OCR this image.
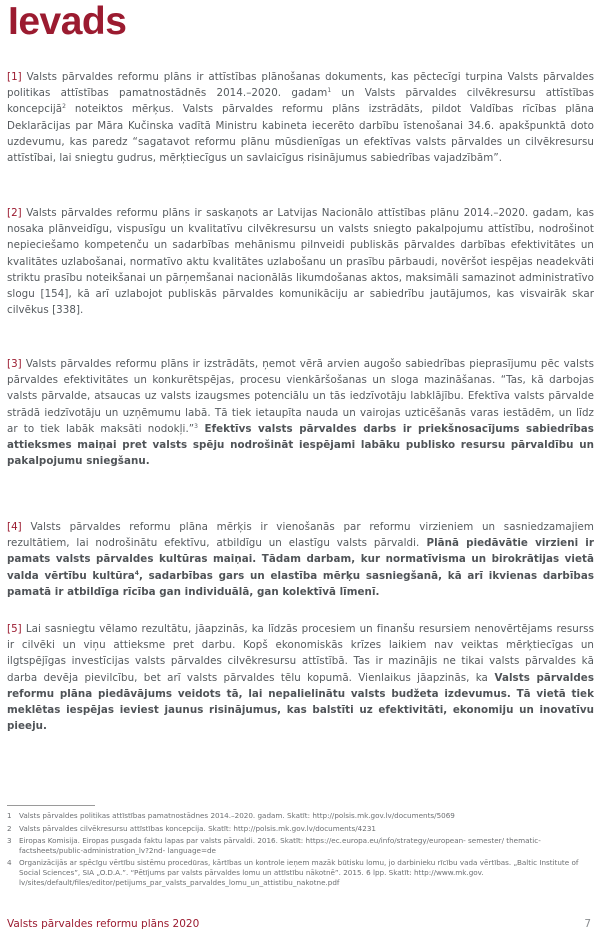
Ievads
[1] Valsts pārvaldes reformu plāns ir attīstības plānošanas dokuments, kas pēctecīgi turpina Valsts pārvaldes politikas attīstības pamatnostādnēs 2014.–2020. gadam$^1$ un Valsts pārvaldes cilvēkresursu attīstības koncepcijā$^2$ noteiktos mērķus. Valsts pārvaldes reformu plāns izstrādāts, pildot Valdības rīcības plāna Deklarācijas par Māra Kučinska vadītā Ministru kabineta iecerēto darbību īstenošanai 34.6. apakšpunktā doto uzdevumu, kas paredz “sagatavot reformu plānu mūsdienīgas un efektīvas valsts pārvaldes un cilvēkresursu attīstībai, lai sniegtu gudrus, mērķtiecīgus un savlaicīgus risinājumus sabiedrības vajadzībām”.
[2] Valsts pārvaldes reformu plāns ir saskaņots ar Latvijas Nacionālo attīstības plānu 2014.–2020. gadam, kas nosaka plānveidīgu, vispusīgu un kvalitatīvu cilvēkresursu un valsts sniegto pakalpojumu attīstību, nodrošinot nepieciešamo kompetenču un sadarbības mehānismu pilnveidi publiskās pārvaldes darbības efektivitātes un kvalitātes uzlabošanai, normatīvo aktu kvalitātes uzlabošanu un prasību pārbaudi, novēršot iespējas neadekvāti striktu prasību noteikšanai un pārņemšanai nacionālās likumdošanas aktos, maksimāli samazinot administratīvo slogu [154], kā arī uzlabojot publiskās pārvaldes komunikāciju ar sabiedrību jautājumos, kas visvairāk skar cilvēkus [338].
[3] Valsts pārvaldes reformu plāns ir izstrādāts, ņemot vērā arvien augošo sabiedrības pieprasījumu pēc valsts pārvaldes efektivitātes un konkurētspējas, procesu vienkāršošanas un sloga mazināšanas. “Tas, kā darbojas valsts pārvalde, atsaucas uz valsts izaugsmes potenciālu un tās iedzīvotāju labklājību. Efektīva valsts pārvalde strādā iedzīvotāju un uzņēmumu labā. Tā tiek ietaupīta nauda un vairojas uzticēšanās varas iestādēm, un līdz ar to tiek labāk maksāti nodokļi.”$^3$ Efektīvs valsts pārvaldes darbs ir priekšnosacījums sabiedrības attieksmes maiņai pret valsts spēju nodrošināt iespējami labāku publisko resursu pārvaldību un pakalpojumu sniegšanu.
[4] Valsts pārvaldes reformu plāna mērķis ir vienošanās par reformu virzieniem un sasniedzamajiem rezultātiem, lai nodrošinātu efektīvu, atbildīgu un elastīgu valsts pārvaldi. Plānā piedāvātie virzieni ir pamats valsts pārvaldes kultūras maiņai. Tādam darbam, kur normatīvisma un birokrātijas vietā valda vērtību kultūra$^4$, sadarbības gars un elastība mērķu sasniegšanā, kā arī ikvienas darbības pamatā ir atbildīga rīcība gan individuālā, gan kolektīvā līmenī.
[5] Lai sasniegtu vēlamo rezultātu, jāapzinās, ka līdzās procesiem un finanšu resursiem nenovērtējams resurss ir cilvēki un viņu attieksme pret darbu. Kopš ekonomiskās krīzes laikiem nav veiktas mērķtiecīgas un ilgtspējīgas investīcijas valsts pārvaldes cilvēkresursu attīstībā. Tas ir mazinājis ne tikai valsts pārvaldes kā darba devēja pievilcību, bet arī valsts pārvaldes tēlu kopumā. Vienlaikus jāapzinās, ka Valsts pārvaldes reformu plāna piedāvājums veidots tā, lai nepalielinātu valsts budžeta izdevumus. Tā vietā tiek meklētas iespējas ieviest jaunus risinājumus, kas balstīti uz efektivitāti, ekonomiju un inovatīvu pieeju.
1	Valsts pārvaldes politikas attīstības pamatnostādnes 2014.–2020. gadam. Skatīt: http://polsis.mk.gov.lv/documents/5069
2	Valsts pārvaldes cilvēkresursu attīstības koncepcija. Skatīt: http://polsis.mk.gov.lv/documents/4231
3	Eiropas Komisija. Eiropas pusgada faktu lapas par valsts pārvaldi. 2016. Skatīt: https://ec.europa.eu/info/strategy/european- semester/ thematic-factsheets/public-administration_lv?2nd- language=de
4	Organizācijās ar spēcīgu vērtību sistēmu procedūras, kārtības un kontrole ieņem mazāk būtisku lomu, jo darbinieku rīcību vada vērtības. „Baltic Institute of Social Sciences”, SIA „O.D.A.”. “Pētījums par valsts pārvaldes lomu un attīstību nākotnē”. 2015. 6 lpp. Skatīt: http://www.mk.gov. lv/sites/default/files/editor/petijums_par_valsts_parvaldes_lomu_un_attistibu_nakotne.pdf
Valsts pārvaldes reformu plāns 2020	7
